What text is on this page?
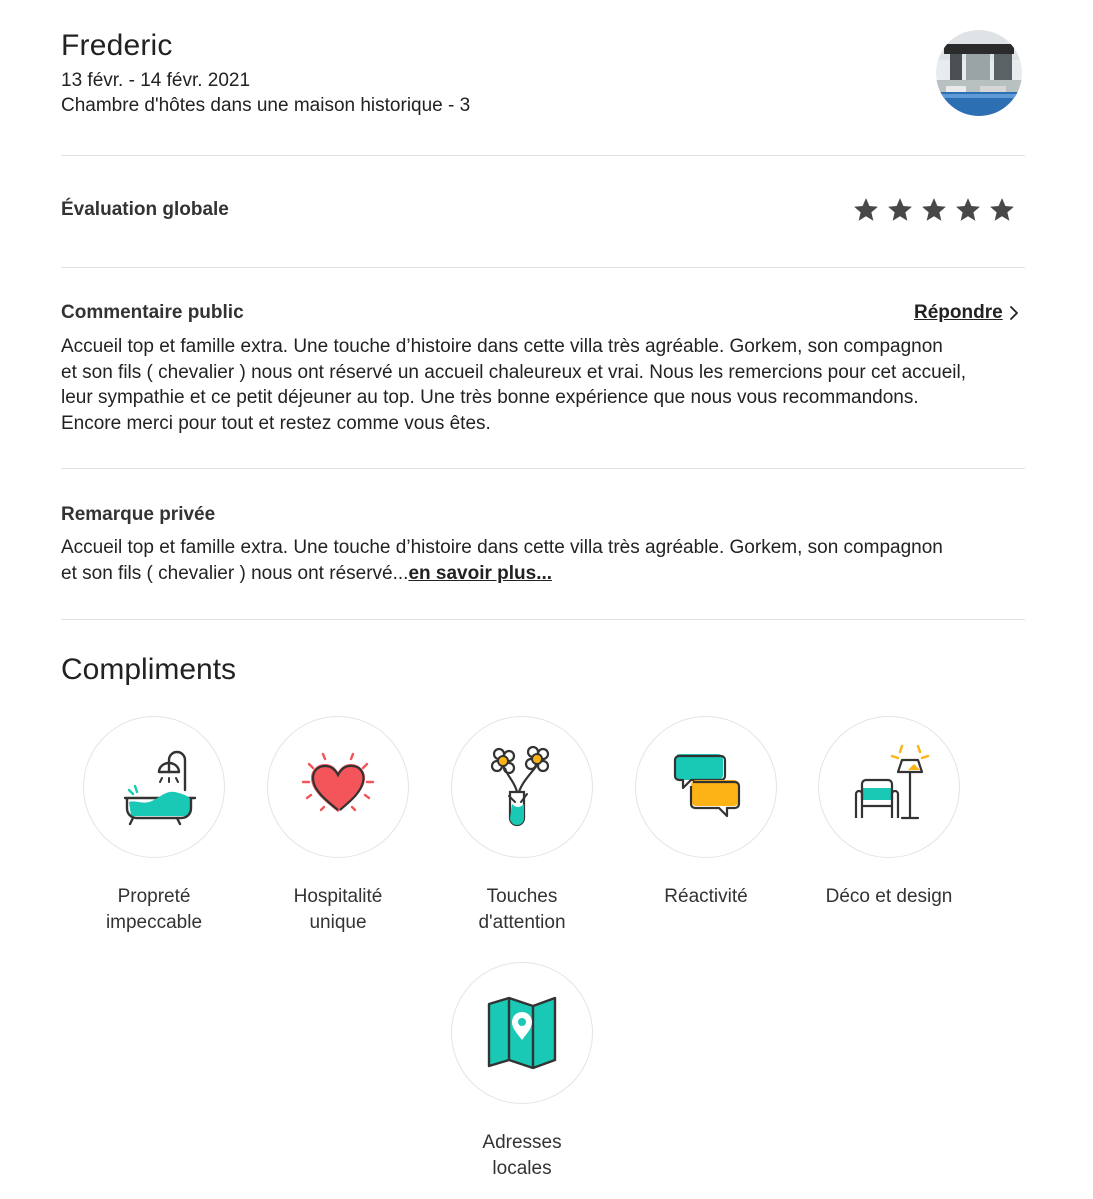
Frederic
13 févr. - 14 févr. 2021
Chambre d'hôtes dans une maison historique - 3
Évaluation globale
Commentaire public	Répondre
Accueil top et famille extra. Une touche d’histoire dans cette villa très agréable. Gorkem, son compagnon
et son fils ( chevalier ) nous ont réservé un accueil chaleureux et vrai. Nous les remercions pour cet accueil,
leur sympathie et ce petit déjeuner au top. Une très bonne expérience que nous vous recommandons.
Encore merci pour tout et restez comme vous êtes.
Remarque privée
Accueil top et famille extra. Une touche d’histoire dans cette villa très agréable. Gorkem, son compagnon
et son fils ( chevalier ) nous ont réservé...en savoir plus...
Compliments
Propreté
impeccable
Hospitalité
unique
Touches
d'attention
Réactivité	Déco et design
Adresses
locales
